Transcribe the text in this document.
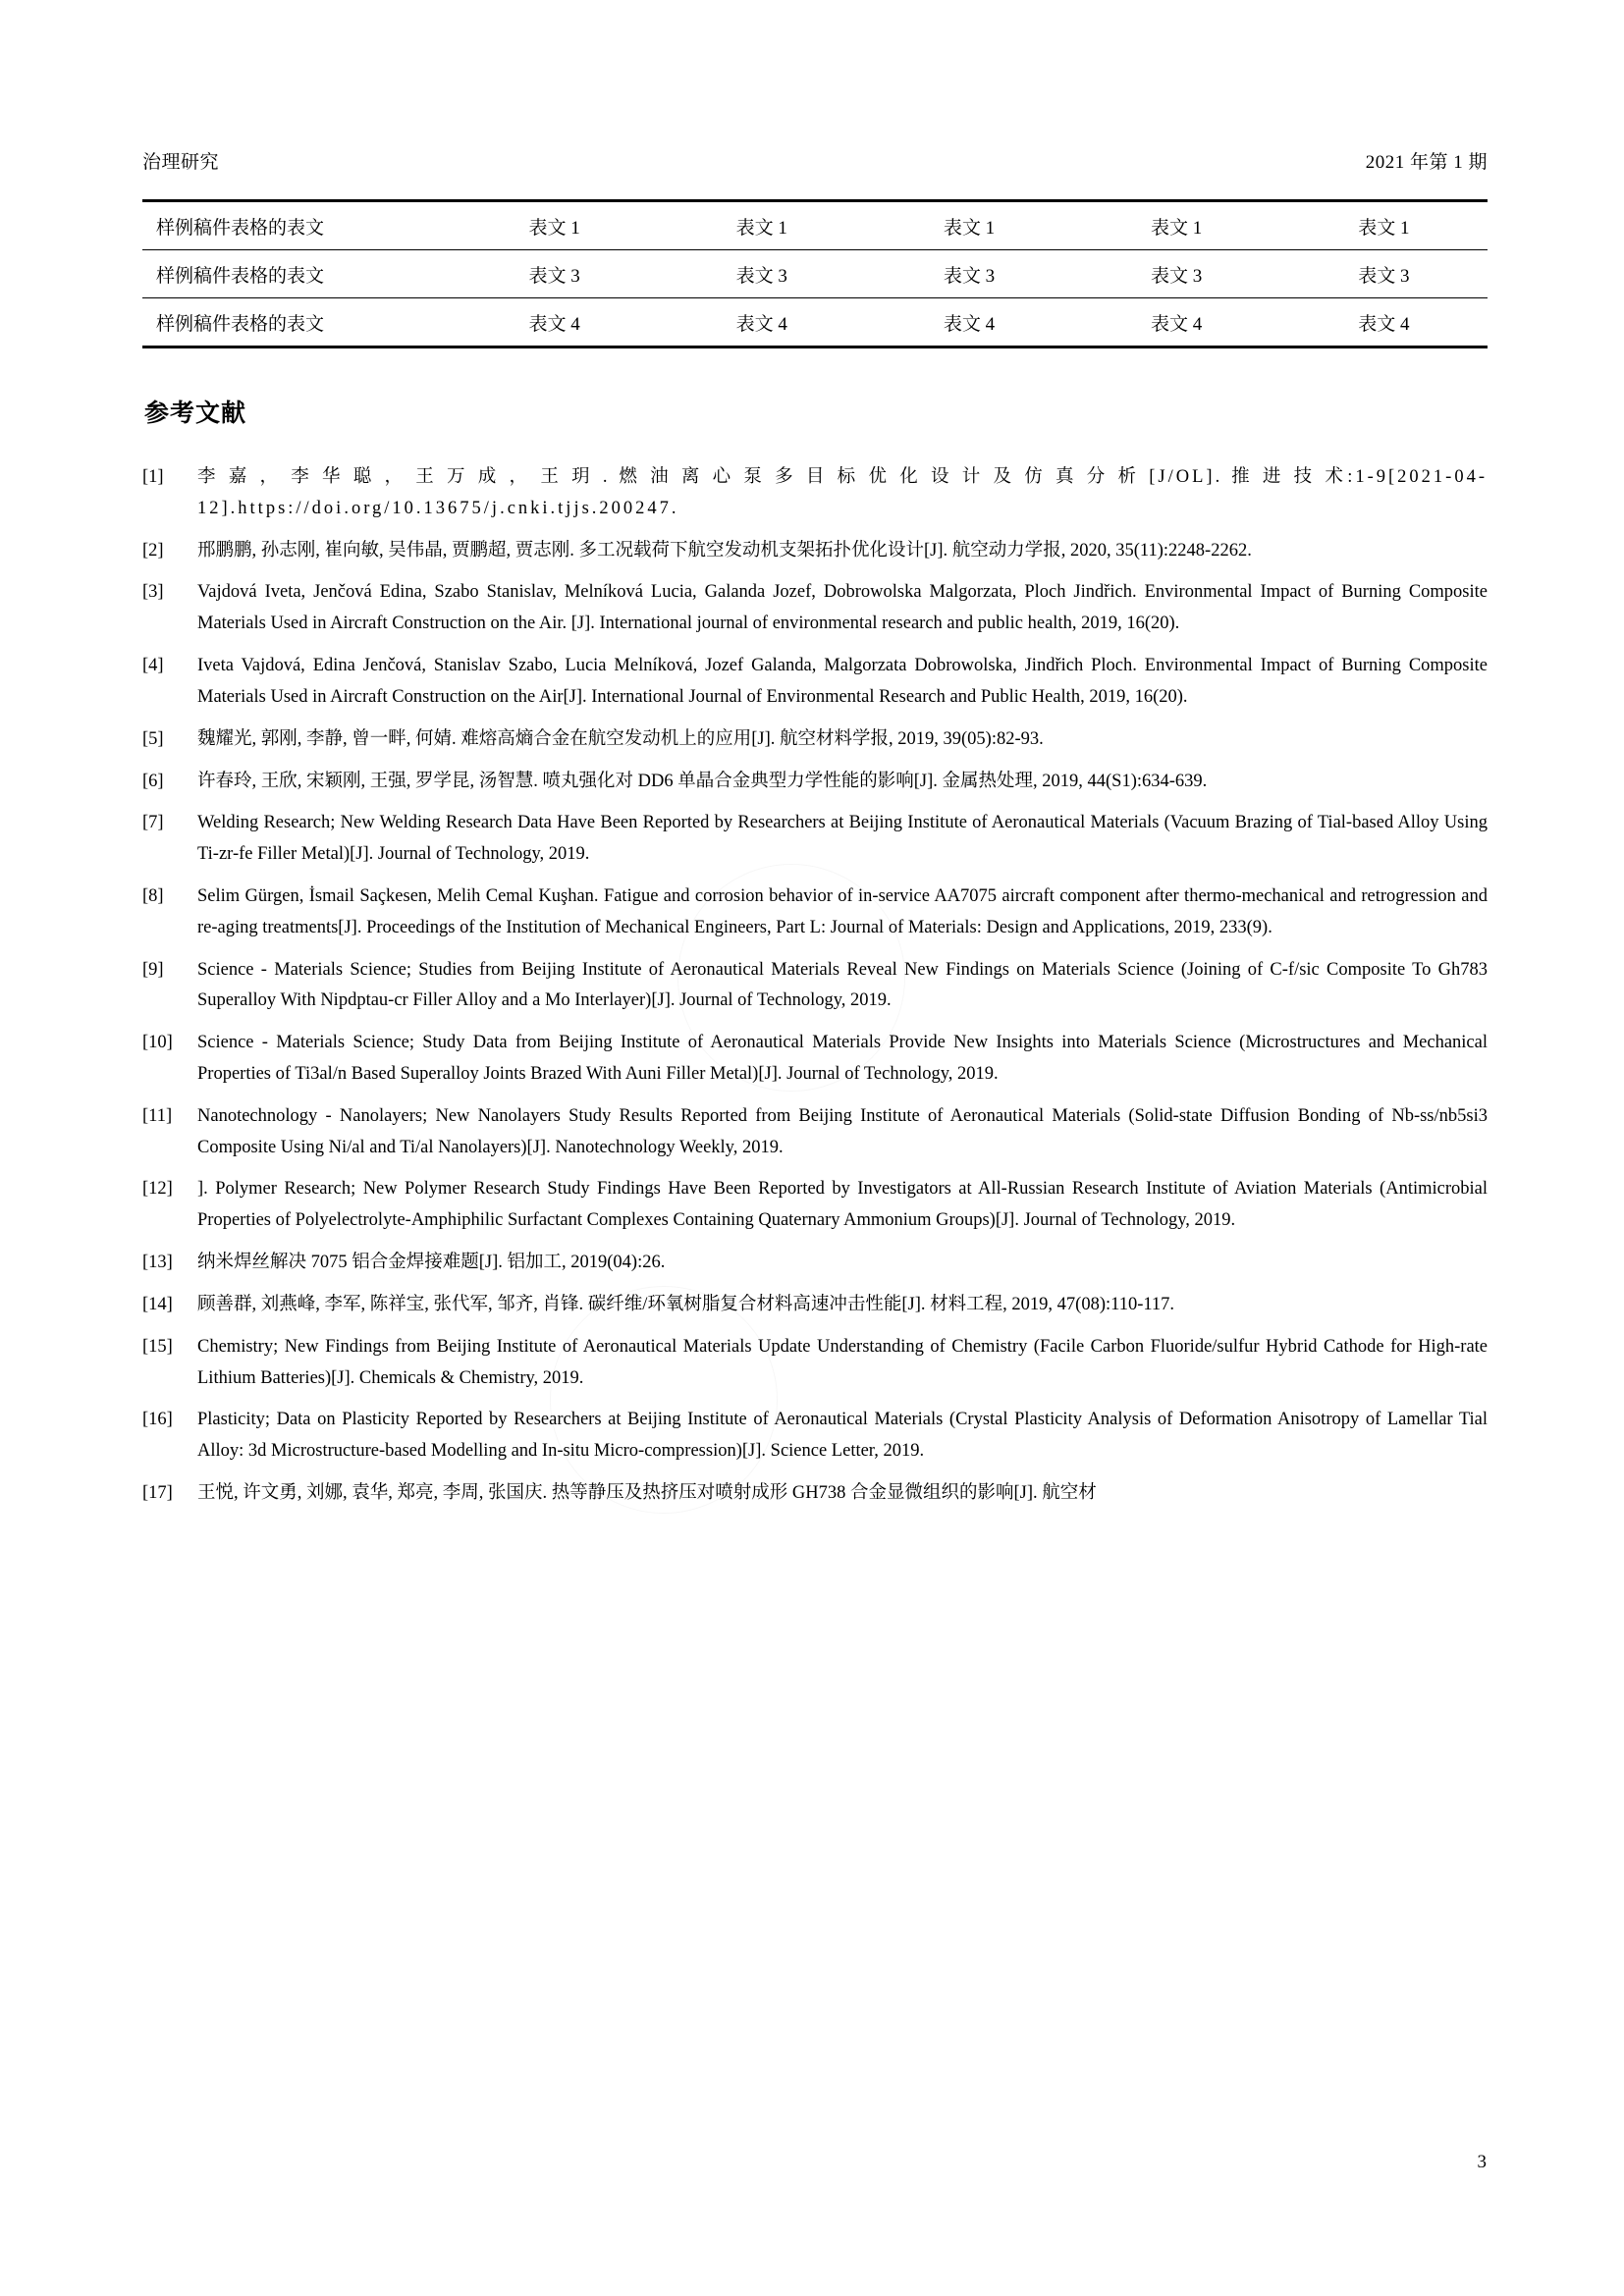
治理研究	2021 年第 1 期
样例稿件表格的表文	表文 1	表文 1	表文 1	表文 1	表文 1
样例稿件表格的表文	表文 3	表文 3	表文 3	表文 3	表文 3
样例稿件表格的表文	表文 4	表文 4	表文 4	表文 4	表文 4
参考文献
[1]	李 嘉 ， 李 华 聪 ， 王 万 成 ， 王 玥 . 燃 油 离 心 泵 多 目 标 优 化 设 计 及 仿 真 分 析 [J/OL]. 推 进 技 术:1-9[2021-04-12].https://doi.org/10.13675/j.cnki.tjjs.200247.
[2]	邢鹏鹏, 孙志刚, 崔向敏, 吴伟晶, 贾鹏超, 贾志刚. 多工况载荷下航空发动机支架拓扑优化设计[J]. 航空动力学报, 2020, 35(11):2248-2262.
[3]	Vajdová Iveta, Jenčová Edina, Szabo Stanislav, Melníková Lucia, Galanda Jozef, Dobrowolska Malgorzata, Ploch Jindřich. Environmental Impact of Burning Composite Materials Used in Aircraft Construction on the Air. [J]. International journal of environmental research and public health, 2019, 16(20).
[4]	Iveta Vajdová, Edina Jenčová, Stanislav Szabo, Lucia Melníková, Jozef Galanda, Malgorzata Dobrowolska, Jindřich Ploch. Environmental Impact of Burning Composite Materials Used in Aircraft Construction on the Air[J]. International Journal of Environmental Research and Public Health, 2019, 16(20).
[5]	魏耀光, 郭刚, 李静, 曾一畔, 何婧. 难熔高熵合金在航空发动机上的应用[J]. 航空材料学报, 2019, 39(05):82-93.
[6]	许春玲, 王欣, 宋颖刚, 王强, 罗学昆, 汤智慧. 喷丸强化对 DD6 单晶合金典型力学性能的影响[J]. 金属热处理, 2019, 44(S1):634-639.
[7]	Welding Research; New Welding Research Data Have Been Reported by Researchers at Beijing Institute of Aeronautical Materials (Vacuum Brazing of Tial-based Alloy Using Ti-zr-fe Filler Metal)[J]. Journal of Technology, 2019.
[8]	Selim Gürgen, İsmail Saçkesen, Melih Cemal Kuşhan. Fatigue and corrosion behavior of in-service AA7075 aircraft component after thermo-mechanical and retrogression and re-aging treatments[J]. Proceedings of the Institution of Mechanical Engineers, Part L: Journal of Materials: Design and Applications, 2019, 233(9).
[9]	Science - Materials Science; Studies from Beijing Institute of Aeronautical Materials Reveal New Findings on Materials Science (Joining of C-f/sic Composite To Gh783 Superalloy With Nipdptau-cr Filler Alloy and a Mo Interlayer)[J]. Journal of Technology, 2019.
[10]	Science - Materials Science; Study Data from Beijing Institute of Aeronautical Materials Provide New Insights into Materials Science (Microstructures and Mechanical Properties of Ti3al/n Based Superalloy Joints Brazed With Auni Filler Metal)[J]. Journal of Technology, 2019.
[11]	Nanotechnology - Nanolayers; New Nanolayers Study Results Reported from Beijing Institute of Aeronautical Materials (Solid-state Diffusion Bonding of Nb-ss/nb5si3 Composite Using Ni/al and Ti/al Nanolayers)[J]. Nanotechnology Weekly, 2019.
[12]	]. Polymer Research; New Polymer Research Study Findings Have Been Reported by Investigators at All-Russian Research Institute of Aviation Materials (Antimicrobial Properties of Polyelectrolyte-Amphiphilic Surfactant Complexes Containing Quaternary Ammonium Groups)[J]. Journal of Technology, 2019.
[13]	纳米焊丝解决 7075 铝合金焊接难题[J]. 铝加工, 2019(04):26.
[14]	顾善群, 刘燕峰, 李军, 陈祥宝, 张代军, 邹齐, 肖锋. 碳纤维/环氧树脂复合材料高速冲击性能[J]. 材料工程, 2019, 47(08):110-117.
[15]	Chemistry; New Findings from Beijing Institute of Aeronautical Materials Update Understanding of Chemistry (Facile Carbon Fluoride/sulfur Hybrid Cathode for High-rate Lithium Batteries)[J]. Chemicals & Chemistry, 2019.
[16]	Plasticity; Data on Plasticity Reported by Researchers at Beijing Institute of Aeronautical Materials (Crystal Plasticity Analysis of Deformation Anisotropy of Lamellar Tial Alloy: 3d Microstructure-based Modelling and In-situ Micro-compression)[J]. Science Letter, 2019.
[17]	王悦, 许文勇, 刘娜, 袁华, 郑亮, 李周, 张国庆. 热等静压及热挤压对喷射成形 GH738 合金显微组织的影响[J]. 航空材
3
